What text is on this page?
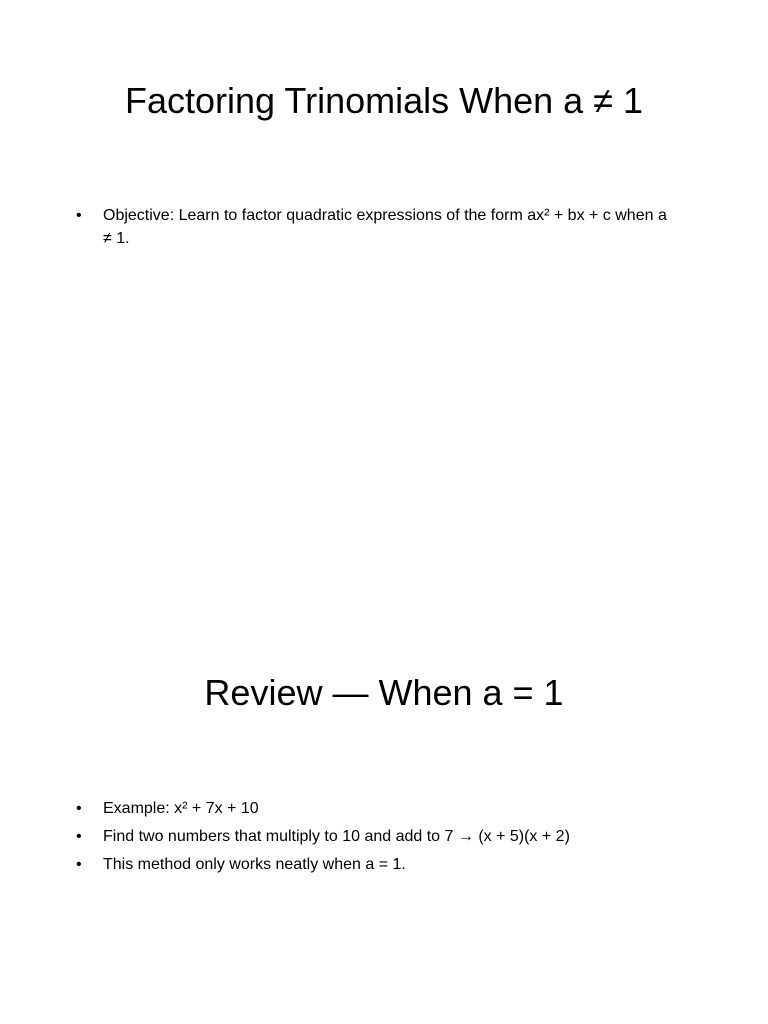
Factoring Trinomials When a ≠ 1
•	Objective: Learn to factor quadratic expressions of the form ax² + bx + c when a ≠ 1.
Review — When a = 1
•	Example: x² + 7x + 10
•	Find two numbers that multiply to 10 and add to 7 → (x + 5)(x + 2)
•	This method only works neatly when a = 1.
